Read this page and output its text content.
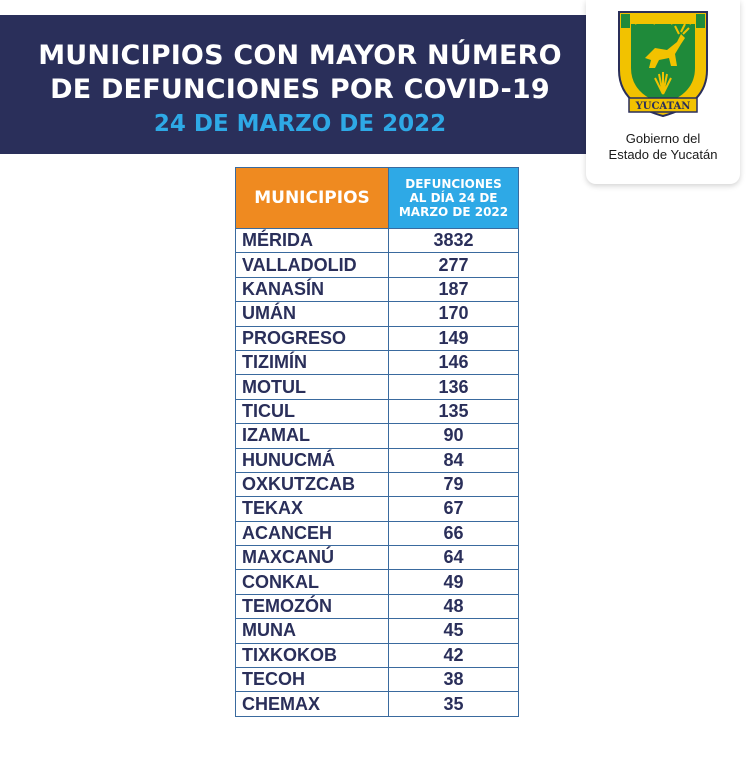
MUNICIPIOS CON MAYOR NÚMERO
DE DEFUNCIONES POR COVID-19
24 DE MARZO DE 2022
YUCATAN
Gobierno del
Estado de Yucatán
MUNICIPIOS	DEFUNCIONES
AL DÍA 24 DE
MARZO DE 2022
MÉRIDA	3832
VALLADOLID	277
KANASÍN	187
UMÁN	170
PROGRESO	149
TIZIMÍN	146
MOTUL	136
TICUL	135
IZAMAL	90
HUNUCMÁ	84
OXKUTZCAB	79
TEKAX	67
ACANCEH	66
MAXCANÚ	64
CONKAL	49
TEMOZÓN	48
MUNA	45
TIXKOKOB	42
TECOH	38
CHEMAX	35
